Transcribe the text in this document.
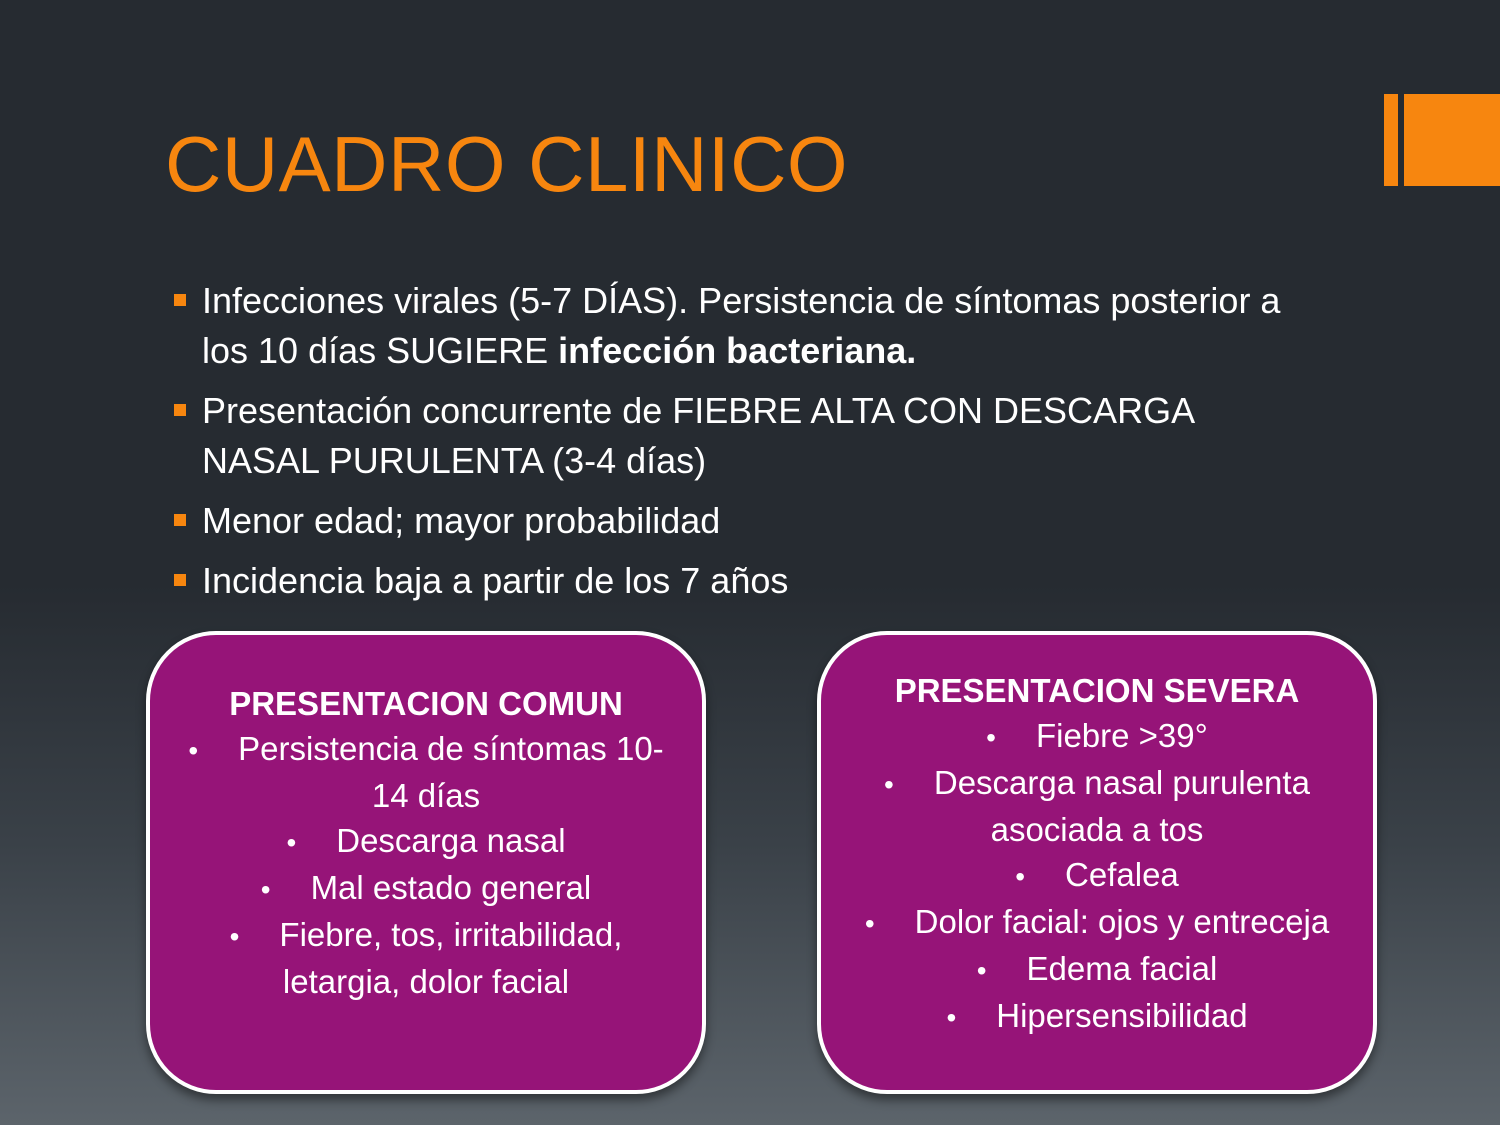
CUADRO CLINICO
Infecciones virales (5-7 DÍAS). Persistencia de síntomas posterior a los 10 días SUGIERE infección bacteriana.
Presentación concurrente de FIEBRE ALTA CON DESCARGA NASAL PURULENTA (3-4 días)
Menor edad; mayor probabilidad
Incidencia baja a partir de los 7 años
PRESENTACION COMUN
• Persistencia de síntomas 10-14 días
• Descarga nasal
• Mal estado general
• Fiebre, tos, irritabilidad, letargia, dolor facial
PRESENTACION SEVERA
• Fiebre >39°
• Descarga nasal purulenta asociada a tos
• Cefalea
• Dolor facial: ojos y entreceja
• Edema facial
• Hipersensibilidad
